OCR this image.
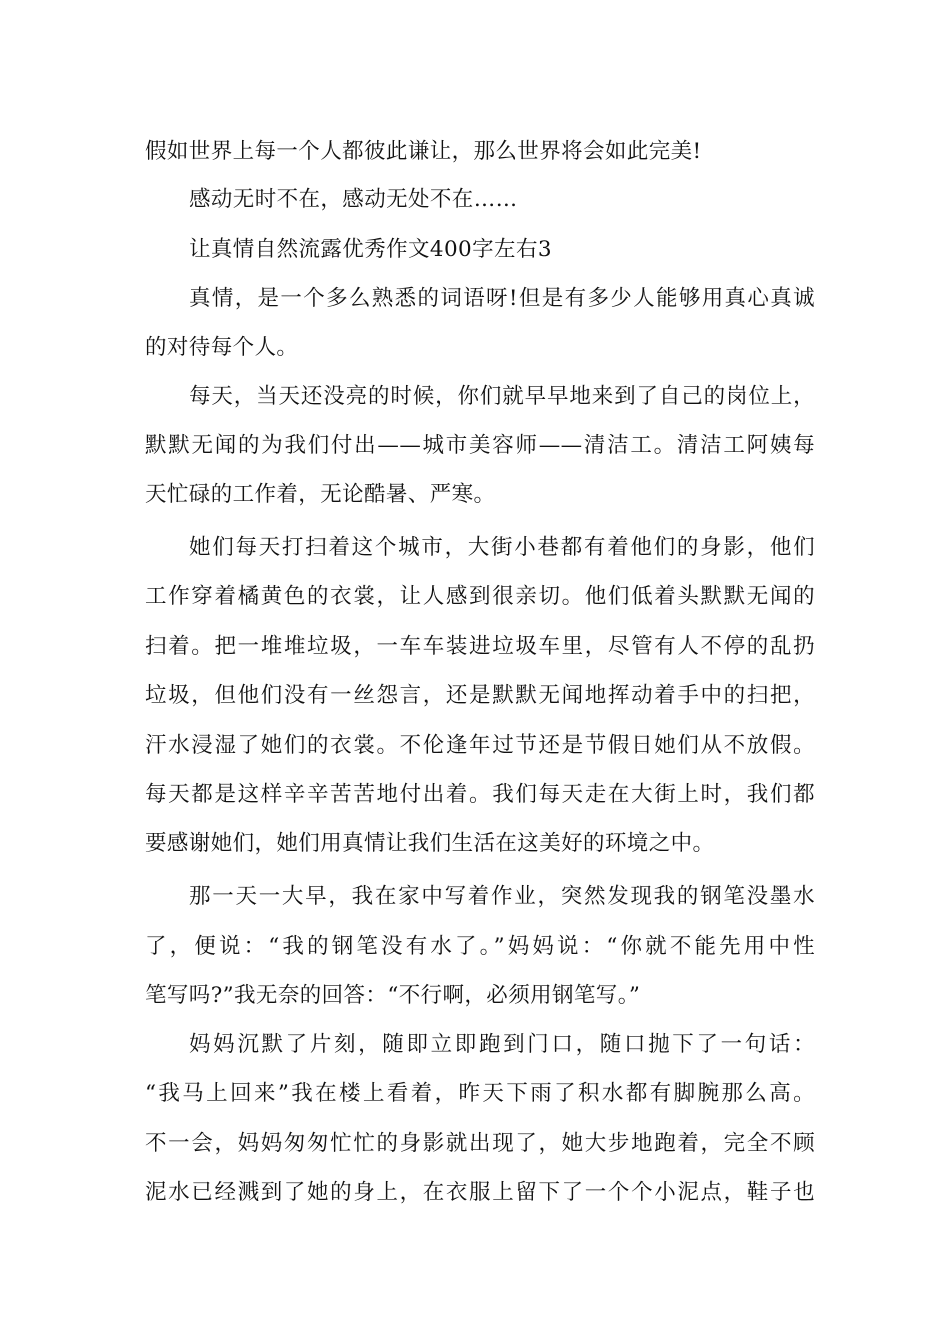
假如世界上每一个人都彼此谦让，那么世界将会如此完美!

感动无时不在，感动无处不在……

让真情自然流露优秀作文400字左右3

真情，是一个多么熟悉的词语呀!但是有多少人能够用真心真诚

的对待每个人。

每天，当天还没亮的时候，你们就早早地来到了自己的岗位上，

默默无闻的为我们付出——城市美容师——清洁工。清洁工阿姨每

天忙碌的工作着，无论酷暑、严寒。

她们每天打扫着这个城市，大街小巷都有着他们的身影，他们

工作穿着橘黄色的衣裳，让人感到很亲切。他们低着头默默无闻的

扫着。把一堆堆垃圾，一车车装进垃圾车里，尽管有人不停的乱扔

垃圾，但他们没有一丝怨言，还是默默无闻地挥动着手中的扫把，

汗水浸湿了她们的衣裳。不伦逢年过节还是节假日她们从不放假。

每天都是这样辛辛苦苦地付出着。我们每天走在大街上时，我们都

要感谢她们，她们用真情让我们生活在这美好的环境之中。

那一天一大早，我在家中写着作业，突然发现我的钢笔没墨水

了，便说：“我的钢笔没有水了。”妈妈说：“你就不能先用中性

笔写吗?”我无奈的回答：“不行啊，必须用钢笔写。”

妈妈沉默了片刻，随即立即跑到门口，随口抛下了一句话：

“我马上回来”我在楼上看着，昨天下雨了积水都有脚腕那么高。

不一会，妈妈匆匆忙忙的身影就出现了，她大步地跑着，完全不顾

泥水已经溅到了她的身上，在衣服上留下了一个个小泥点，鞋子也
